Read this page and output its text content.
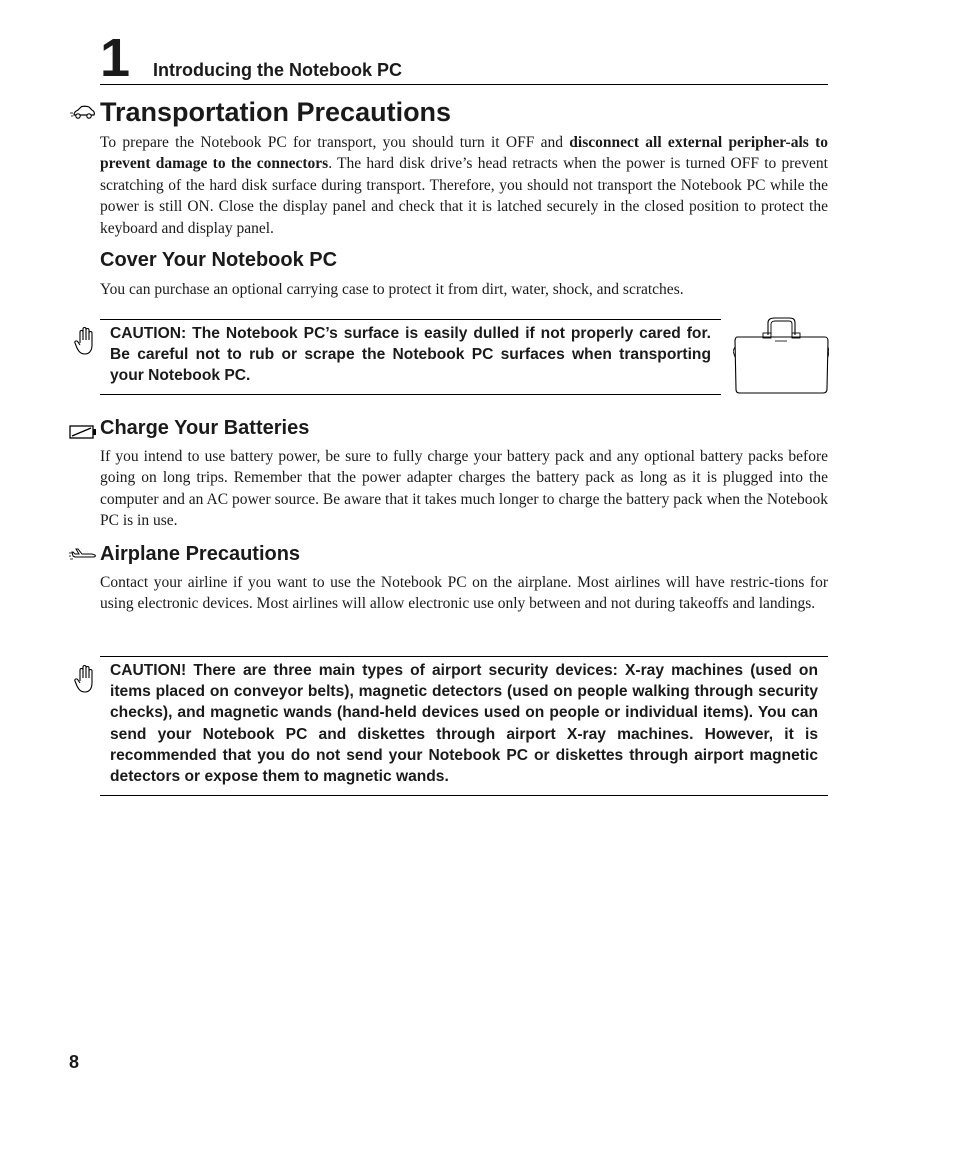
1 Introducing the Notebook PC
Transportation Precautions
To prepare the Notebook PC for transport, you should turn it OFF and disconnect all external peripher-als to prevent damage to the connectors. The hard disk drive’s head retracts when the power is turned OFF to prevent scratching of the hard disk surface during transport. Therefore, you should not transport the Notebook PC while the power is still ON. Close the display panel and check that it is latched securely in the closed position to protect the keyboard and display panel.
Cover Your Notebook PC
You can purchase an optional carrying case to protect it from dirt, water, shock, and scratches.
CAUTION: The Notebook PC’s surface is easily dulled if not properly cared for. Be careful not to rub or scrape the Notebook PC surfaces when transporting your Notebook PC.
Charge Your Batteries
If you intend to use battery power, be sure to fully charge your battery pack and any optional battery packs before going on long trips. Remember that the power adapter charges the battery pack as long as it is plugged into the computer and an AC power source. Be aware that it takes much longer to charge the battery pack when the Notebook PC is in use.
Airplane Precautions
Contact your airline if you want to use the Notebook PC on the airplane. Most airlines will have restric-tions for using electronic devices. Most airlines will allow electronic use only between and not during takeoffs and landings.
CAUTION! There are three main types of airport security devices: X-ray machines (used on items placed on conveyor belts), magnetic detectors (used on people walking through security checks), and magnetic wands (hand-held devices used on people or individual items). You can send your Notebook PC and diskettes through airport X-ray machines. However, it is recommended that you do not send your Notebook PC or diskettes through airport magnetic detectors or expose them to magnetic wands.
8
